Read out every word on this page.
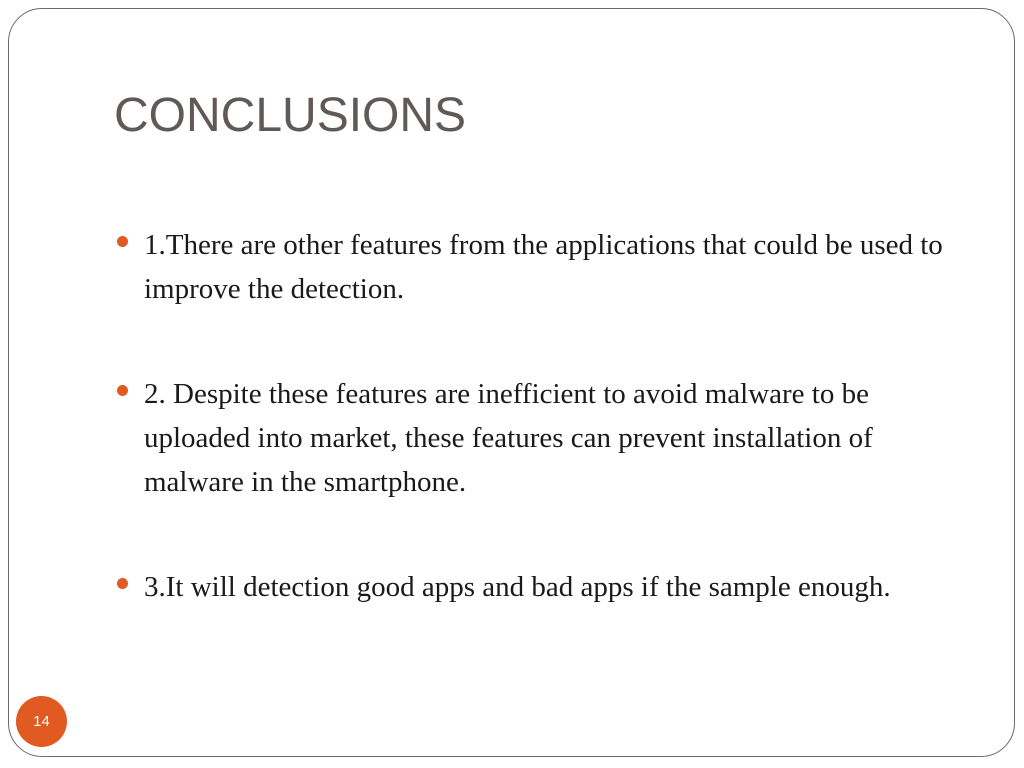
CONCLUSIONS
1.There are other features from the applications that could be used to improve the detection.
2. Despite these features are inefficient to avoid malware to be uploaded into market, these features can prevent installation of malware in the smartphone.
3.It will detection good apps and bad apps if the sample enough.
14
